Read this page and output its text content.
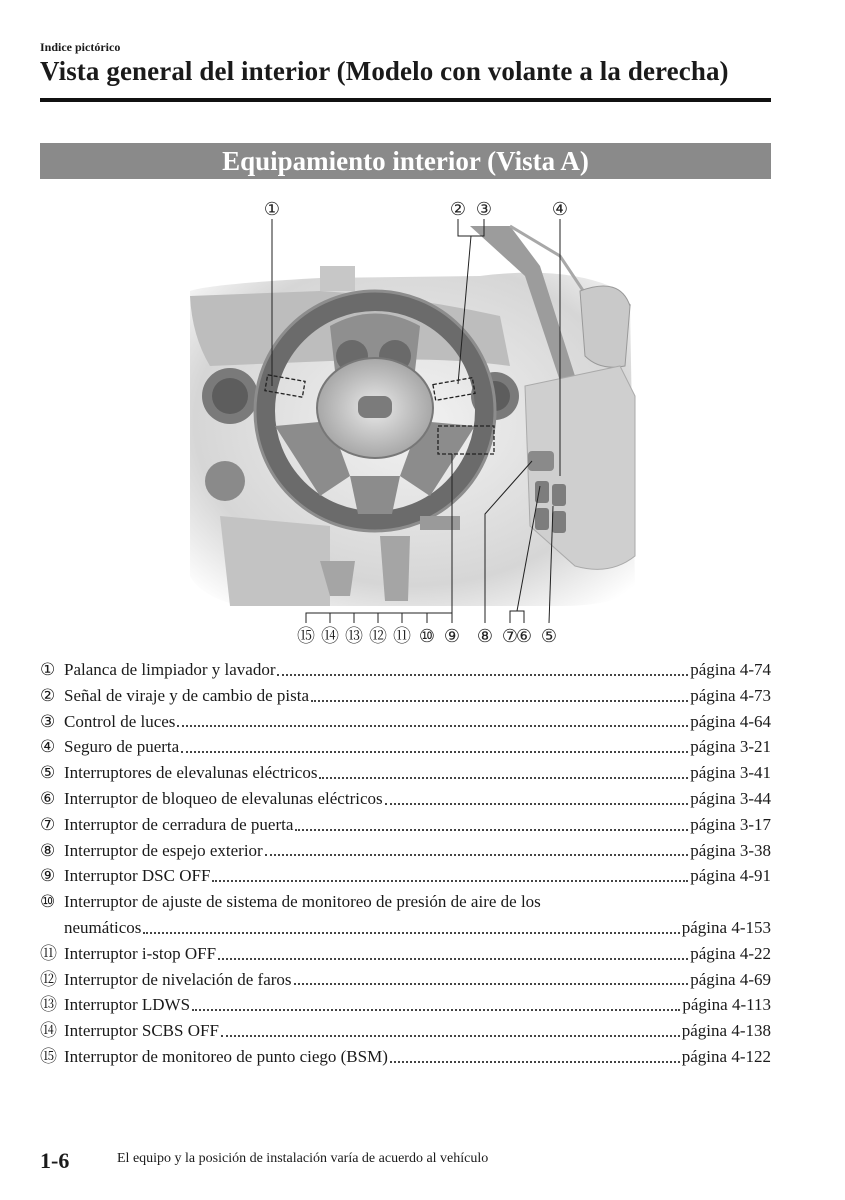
Indice pictórico
Vista general del interior (Modelo con volante a la derecha)
Equipamiento interior (Vista A)
①	② ③	④
⑮ ⑭ ⑬ ⑫ ⑪ ⑩ ⑨ ⑧ ⑦
⑥ ⑤
① Palanca de limpiador y lavador	página 4-74
② Señal de viraje y de cambio de pista	página 4-73
③ Control de luces	página 4-64
④ Seguro de puerta	página 3-21
⑤ Interruptores de elevalunas eléctricos	página 3-41
⑥ Interruptor de bloqueo de elevalunas eléctricos	página 3-44
⑦ Interruptor de cerradura de puerta	página 3-17
⑧ Interruptor de espejo exterior	página 3-38
⑨ Interruptor DSC OFF	página 4-91
⑩ Interruptor de ajuste de sistema de monitoreo de presión de aire de los
neumáticos	página 4-153
⑪ Interruptor i-stop OFF	página 4-22
⑫ Interruptor de nivelación de faros	página 4-69
⑬ Interruptor LDWS	página 4-113
⑭ Interruptor SCBS OFF	página 4-138
⑮ Interruptor de monitoreo de punto ciego (BSM)	página 4-122
1-6	El equipo y la posición de instalación varía de acuerdo al vehículo
